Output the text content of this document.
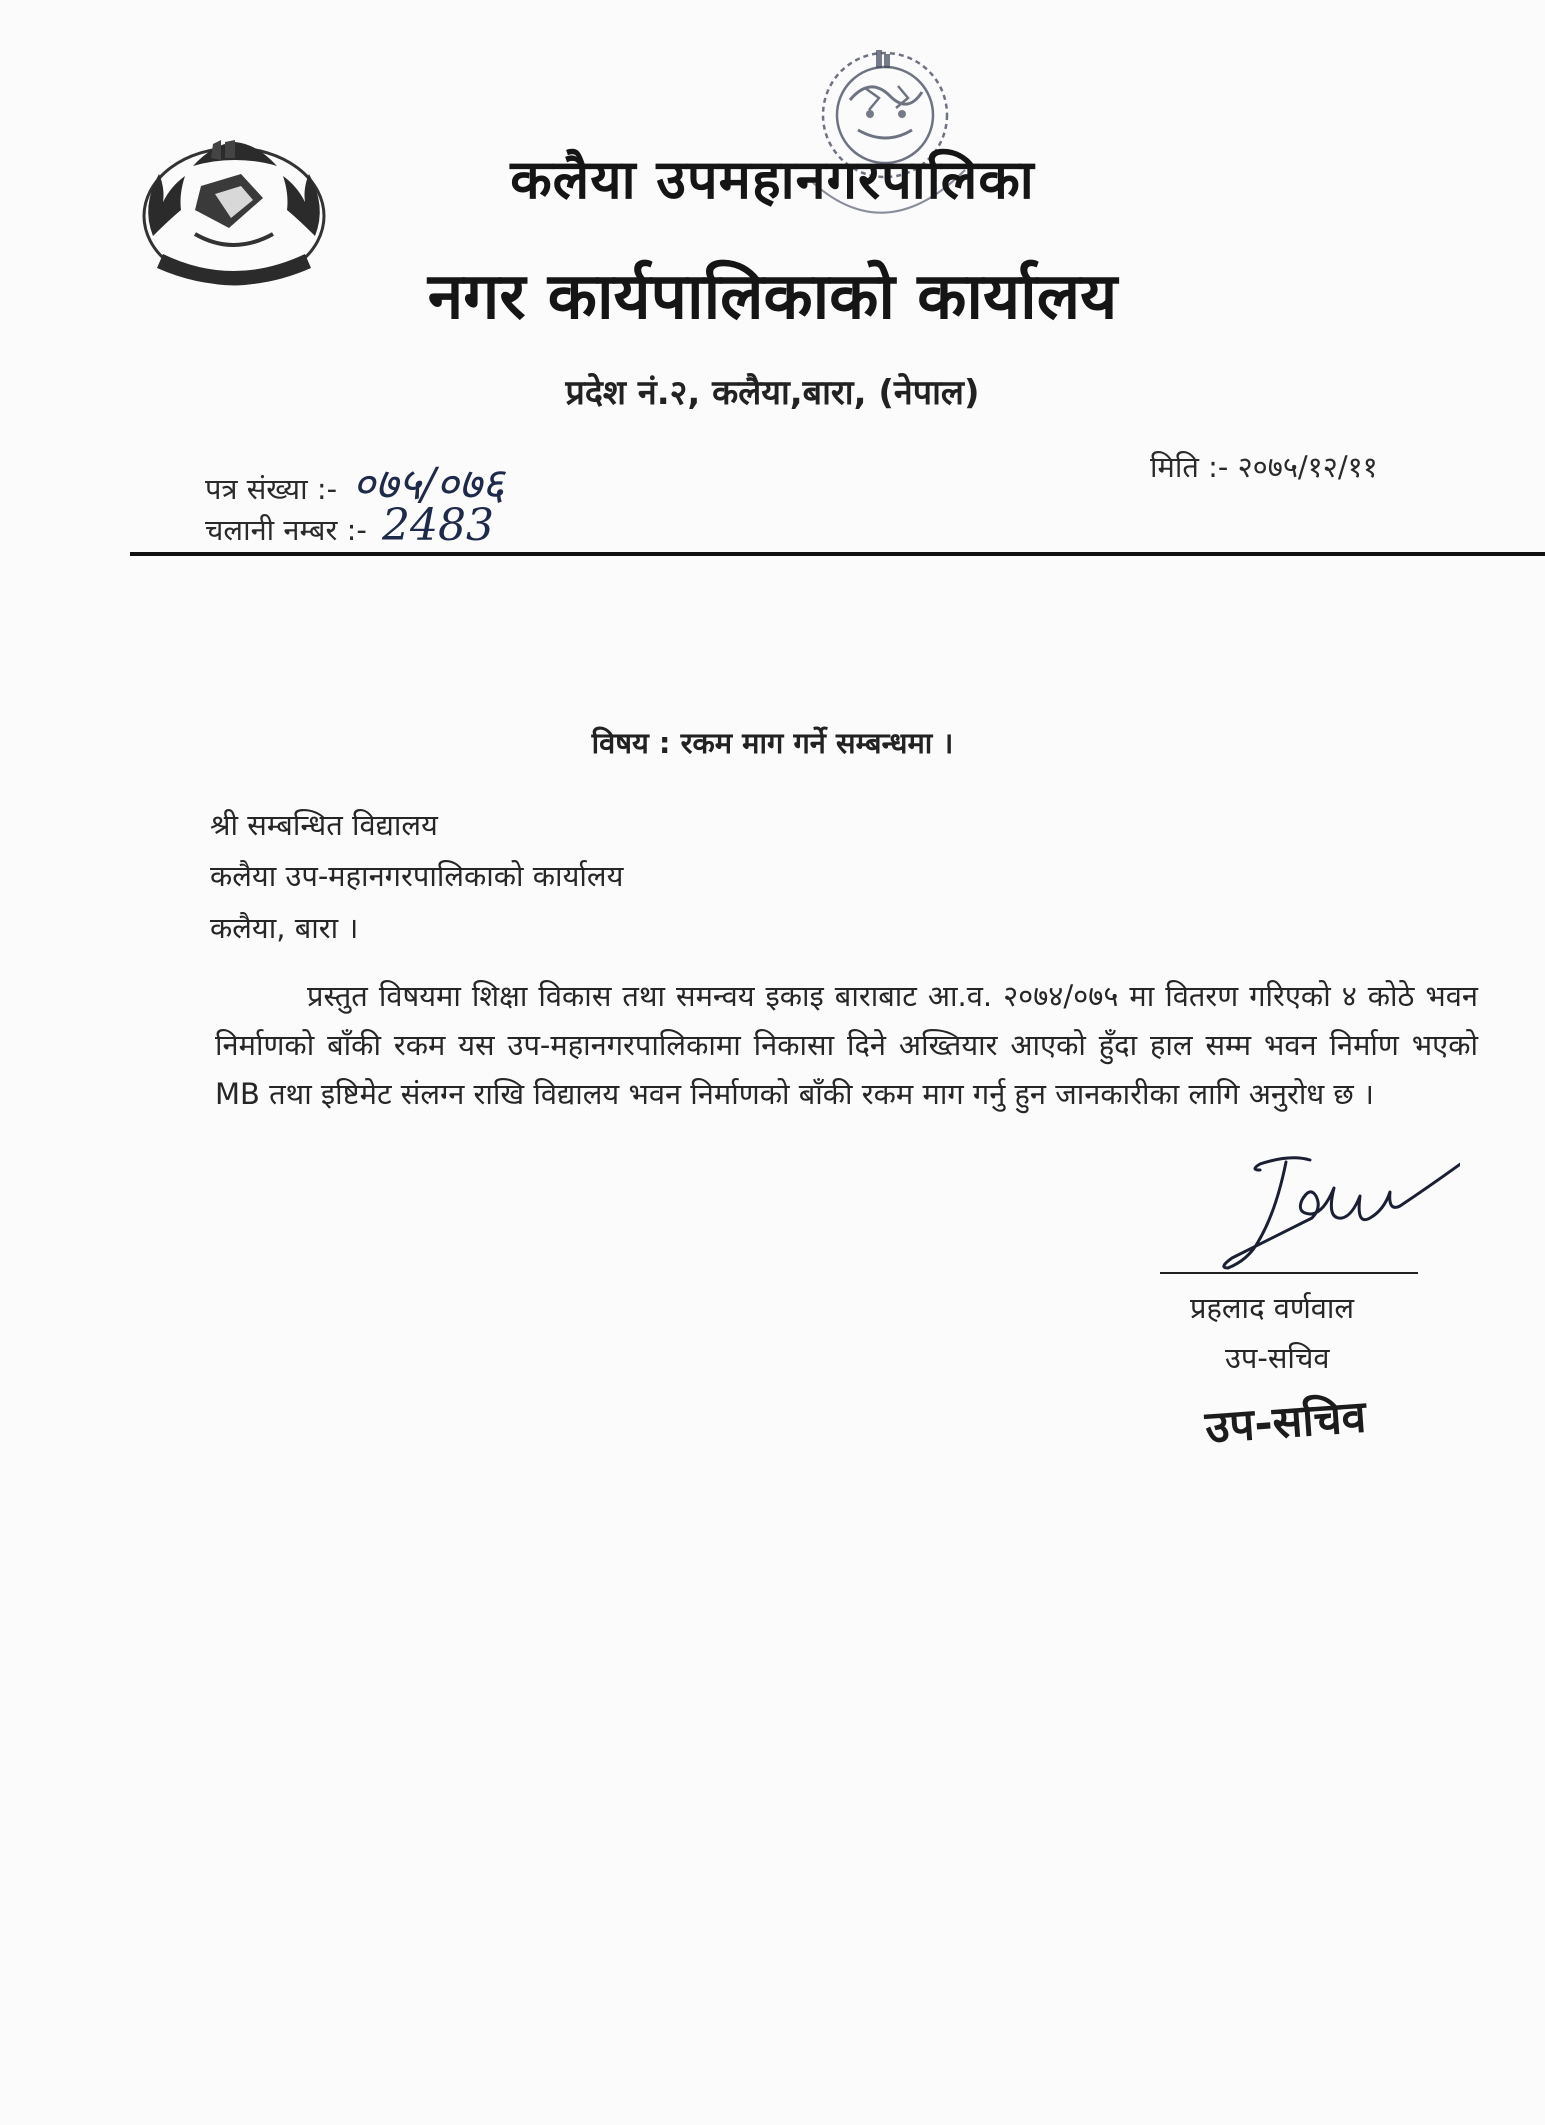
कलैया उपमहानगरपालिका
नगर कार्यपालिकाको कार्यालय
प्रदेश नं.२, कलैया,बारा, (नेपाल)
पत्र संख्या :- ०७५/०७६
चलानी नम्बर :- 2483
मिति :- २०७५/१२/११
विषय : रकम माग गर्ने सम्बन्धमा ।
श्री सम्बन्धित विद्यालय
कलैया उप-महानगरपालिकाको कार्यालय
कलैया, बारा ।
प्रस्तुत विषयमा शिक्षा विकास तथा समन्वय इकाइ बाराबाट आ.व. २०७४/०७५ मा वितरण गरिएको ४ कोठे भवन निर्माणको बाँकी रकम यस उप-महानगरपालिकामा निकासा दिने अख्तियार आएको हुँदा हाल सम्म भवन निर्माण भएको MB तथा इष्टिमेट संलग्न राखि विद्यालय भवन निर्माणको बाँकी रकम माग गर्नु हुन जानकारीका लागि अनुरोध छ ।
प्रहलाद वर्णवाल
उप-सचिव
उप-सचिव
